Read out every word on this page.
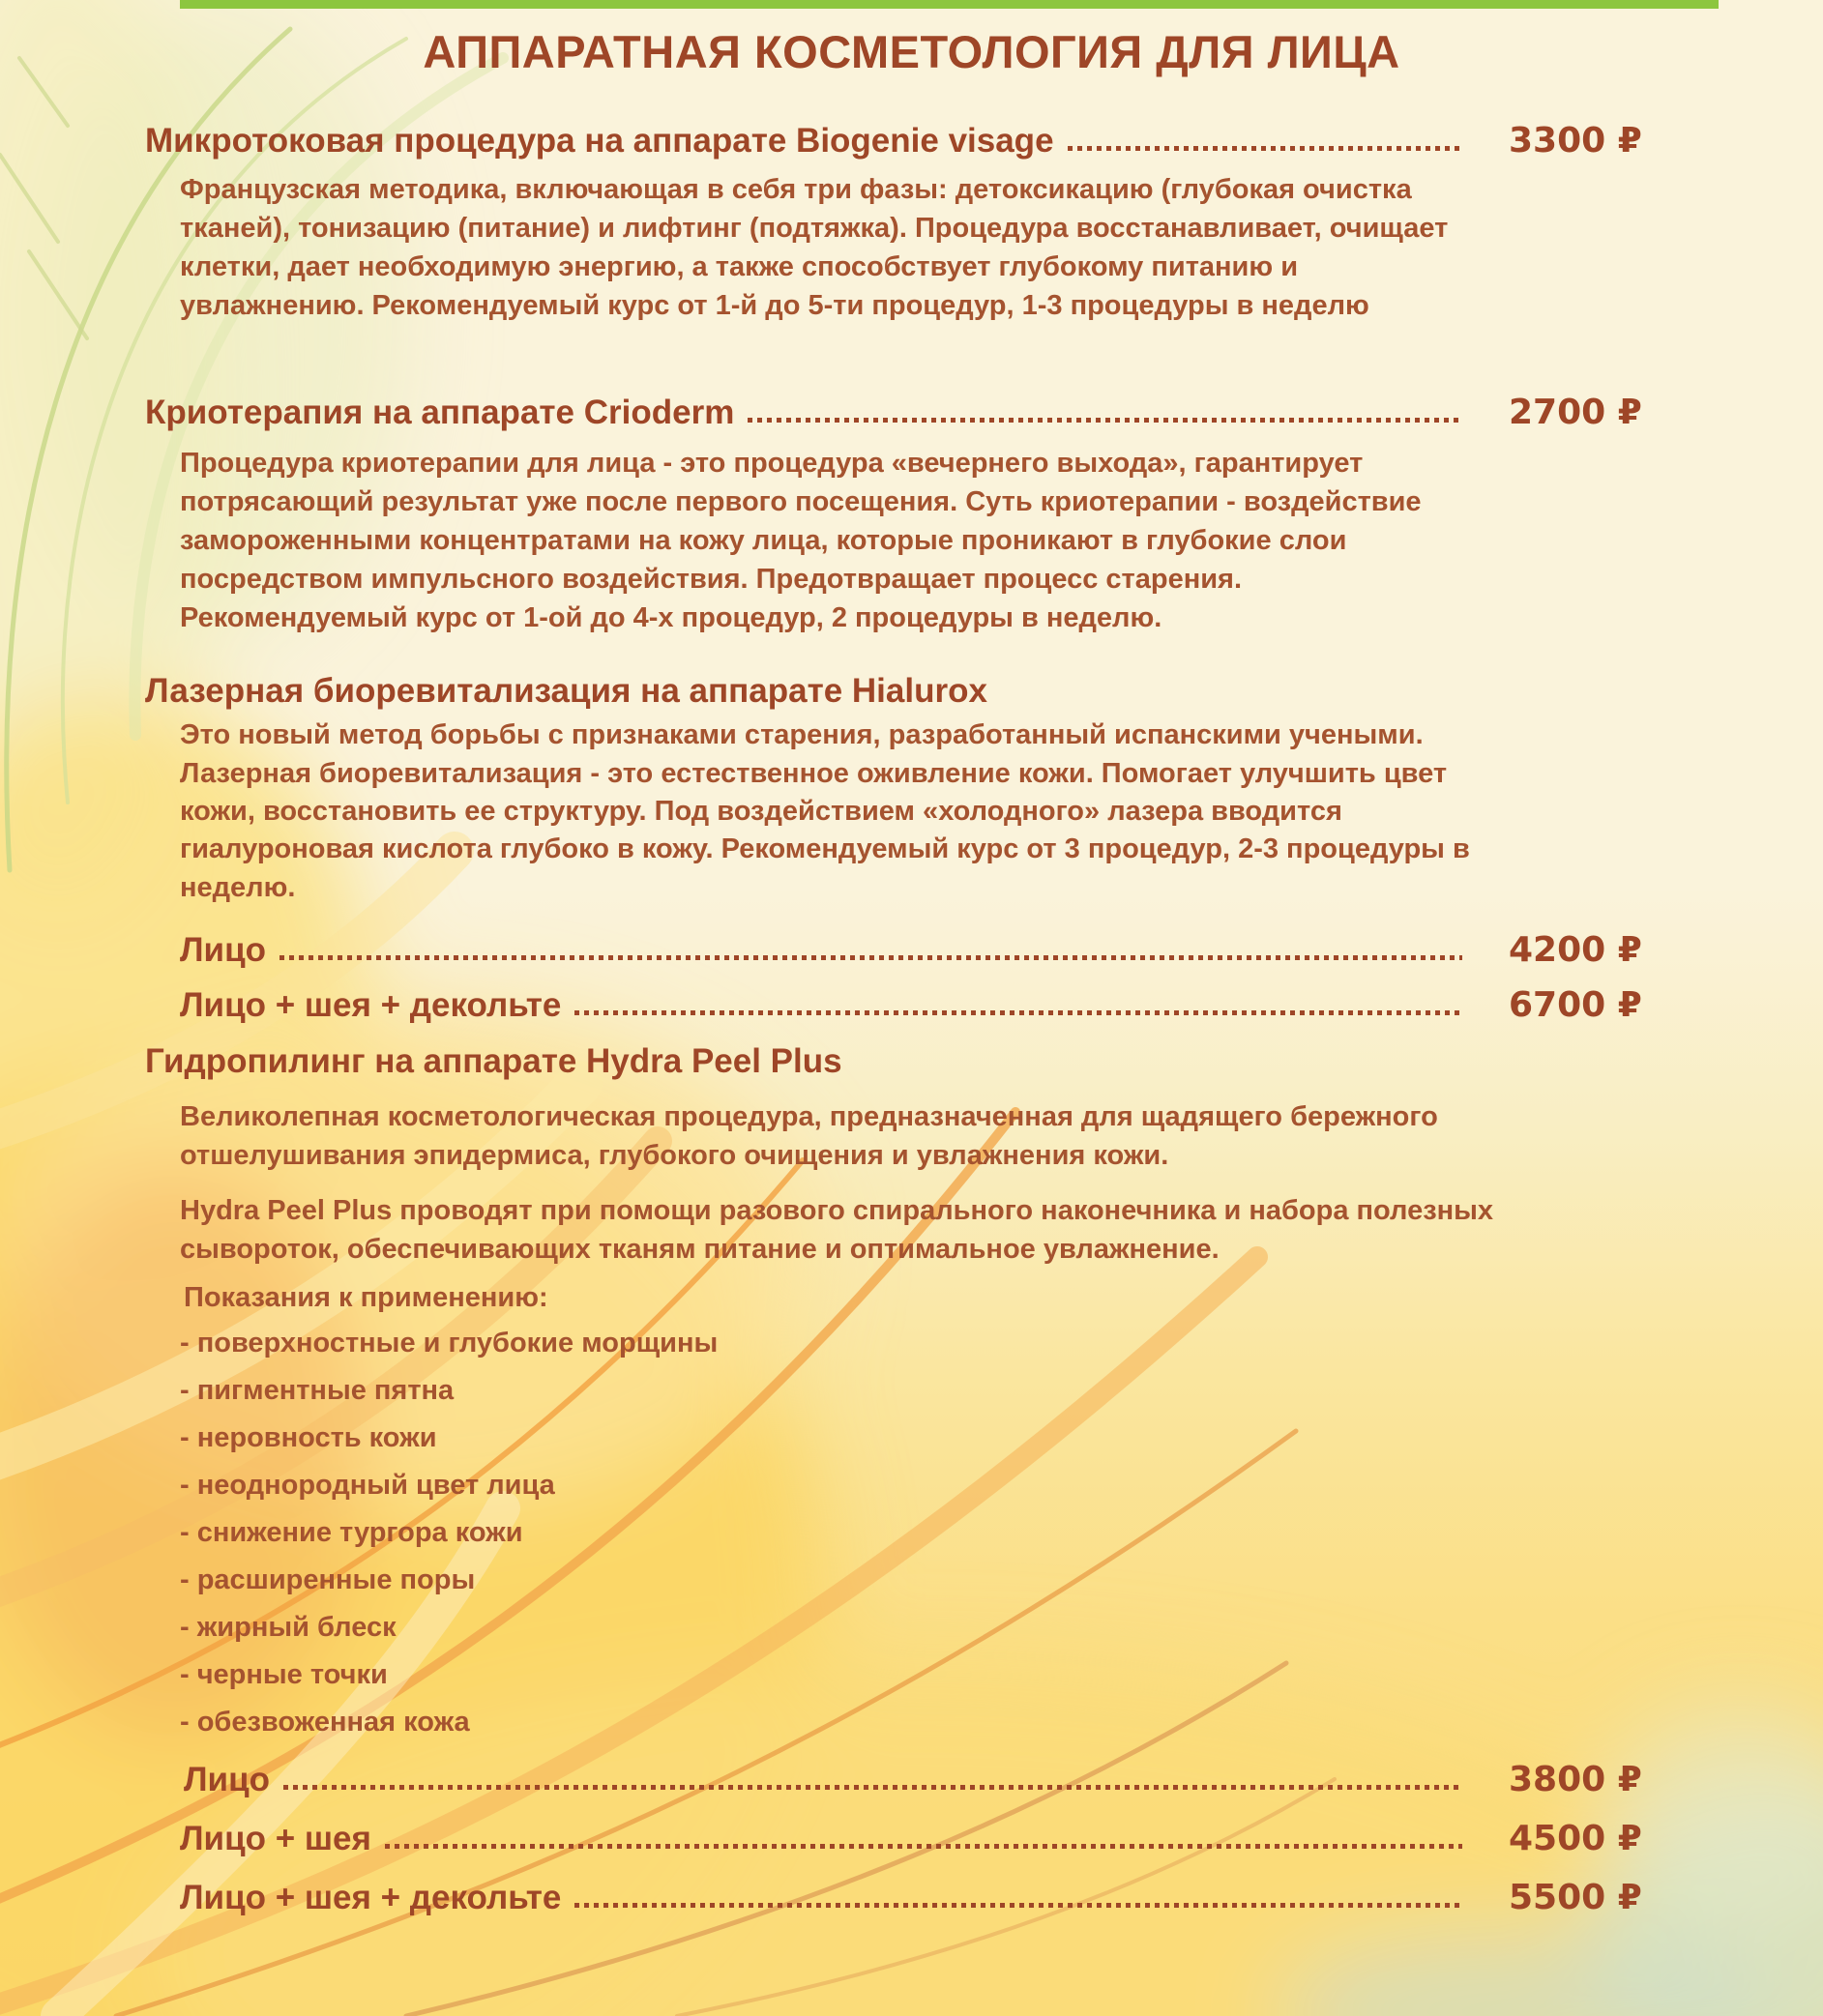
АППАРАТНАЯ КОСМЕТОЛОГИЯ ДЛЯ ЛИЦА
Микротоковая процедура на аппарате Biogenie visage	3300 ₽

Французская методика, включающая в себя три фазы: детоксикацию (глубокая очистка тканей), тонизацию (питание) и лифтинг (подтяжка). Процедура восстанавливает, очищает клетки, дает необходимую энергию, а также способствует глубокому питанию и увлажнению. Рекомендуемый курс от 1-й до 5-ти процедур, 1-3 процедуры в неделю

Криотерапия на аппарате Crioderm	2700 ₽

Процедура криотерапии для лица - это процедура «вечернего выхода», гарантирует потрясающий результат уже после первого посещения. Суть криотерапии - воздействие замороженными концентратами на кожу лица, которые проникают в глубокие слои посредством импульсного воздействия. Предотвращает процесс старения. Рекомендуемый курс от 1-ой до 4-х процедур, 2 процедуры в неделю.

Лазерная биоревитализация на аппарате Hialurox

Это новый метод борьбы с признаками старения, разработанный испанскими учеными. Лазерная биоревитализация - это естественное оживление кожи. Помогает улучшить цвет кожи, восстановить ее структуру. Под воздействием «холодного» лазера вводится гиалуроновая кислота глубоко в кожу. Рекомендуемый курс от 3 процедур, 2-3 процедуры в неделю.

Лицо	4200 ₽
Лицо + шея + декольте	6700 ₽
Гидропилинг на аппарате Hydra Peel Plus

Великолепная косметологическая процедура, предназначенная для щадящего бережного отшелушивания эпидермиса, глубокого очищения и увлажнения кожи.

Hydra Peel Plus проводят при помощи разового спирального наконечника и набора полезных сывороток, обеспечивающих тканям питание и оптимальное увлажнение.

Показания к применению:
- поверхностные и глубокие морщины
- пигментные пятна
- неровность кожи
- неоднородный цвет лица
- снижение тургора кожи
- расширенные поры
- жирный блеск
- черные точки
- обезвоженная кожа
Лицо	3800 ₽
Лицо + шея	4500 ₽
Лицо + шея + декольте	5500 ₽
